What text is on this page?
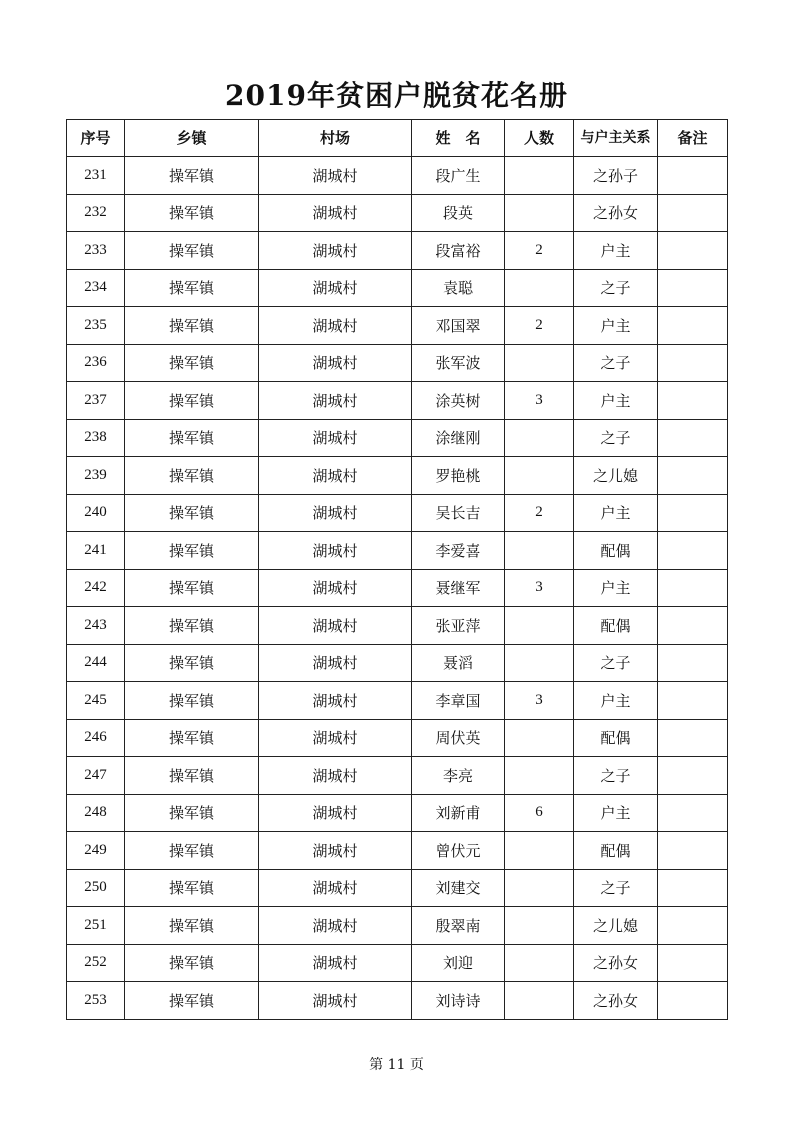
2019年贫困户脱贫花名册
序号	乡镇	村场	姓　名	人数	与户主关系	备注
231	操军镇	湖城村	段广生		之孙子	
232	操军镇	湖城村	段英		之孙女	
233	操军镇	湖城村	段富裕	2	户主	
234	操军镇	湖城村	袁聪		之子	
235	操军镇	湖城村	邓国翠	2	户主	
236	操军镇	湖城村	张军波		之子	
237	操军镇	湖城村	涂英树	3	户主	
238	操军镇	湖城村	涂继刚		之子	
239	操军镇	湖城村	罗艳桃		之儿媳	
240	操军镇	湖城村	吴长吉	2	户主	
241	操军镇	湖城村	李爱喜		配偶	
242	操军镇	湖城村	聂继军	3	户主	
243	操军镇	湖城村	张亚萍		配偶	
244	操军镇	湖城村	聂滔		之子	
245	操军镇	湖城村	李章国	3	户主	
246	操军镇	湖城村	周伏英		配偶	
247	操军镇	湖城村	李亮		之子	
248	操军镇	湖城村	刘新甫	6	户主	
249	操军镇	湖城村	曾伏元		配偶	
250	操军镇	湖城村	刘建交		之子	
251	操军镇	湖城村	殷翠南		之儿媳	
252	操军镇	湖城村	刘迎		之孙女	
253	操军镇	湖城村	刘诗诗		之孙女	
第 11 页
